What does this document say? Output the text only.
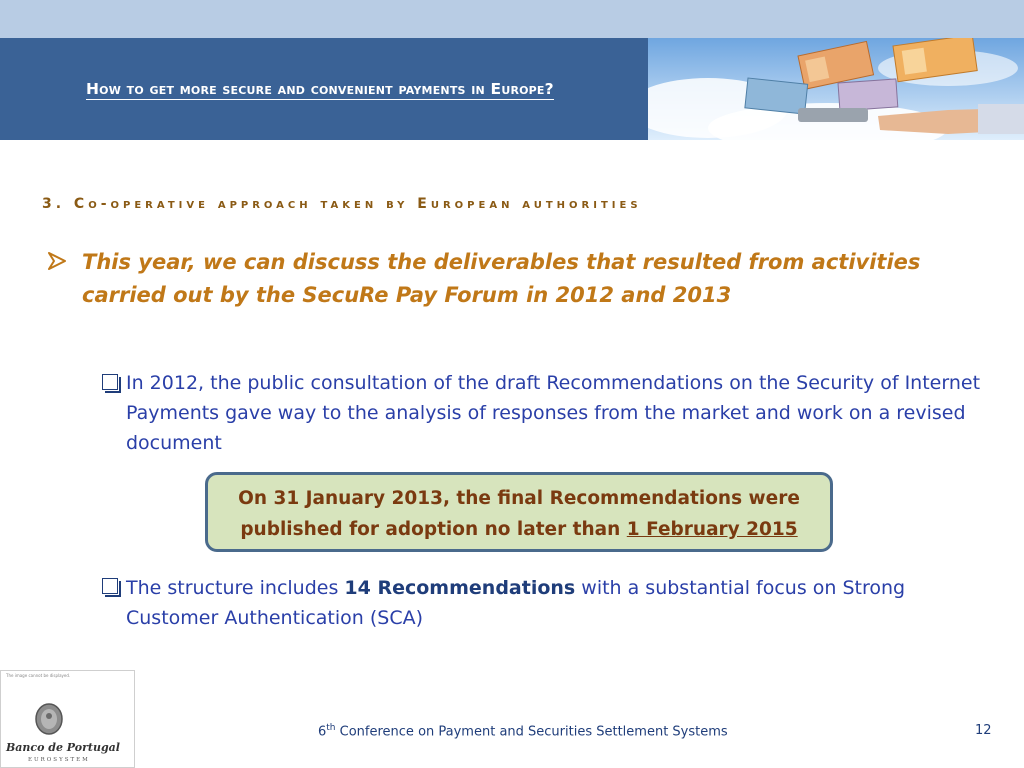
How to get more secure and convenient payments in Europe?
3. Co-operative approach taken by European authorities
This year, we can discuss the deliverables that resulted from activities carried out by the SecuRe Pay Forum in 2012 and 2013
In 2012, the public consultation of the draft Recommendations on the Security of Internet Payments gave way to the analysis of responses from the market and work on a revised document
On 31 January 2013, the final Recommendations were
published for adoption no later than 1 February 2015
The structure includes 14 Recommendations with a substantial focus on Strong Customer Authentication (SCA)
The image cannot be displayed.
Banco de Portugal
EUROSYSTEM
6th Conference on Payment and Securities Settlement Systems	12
